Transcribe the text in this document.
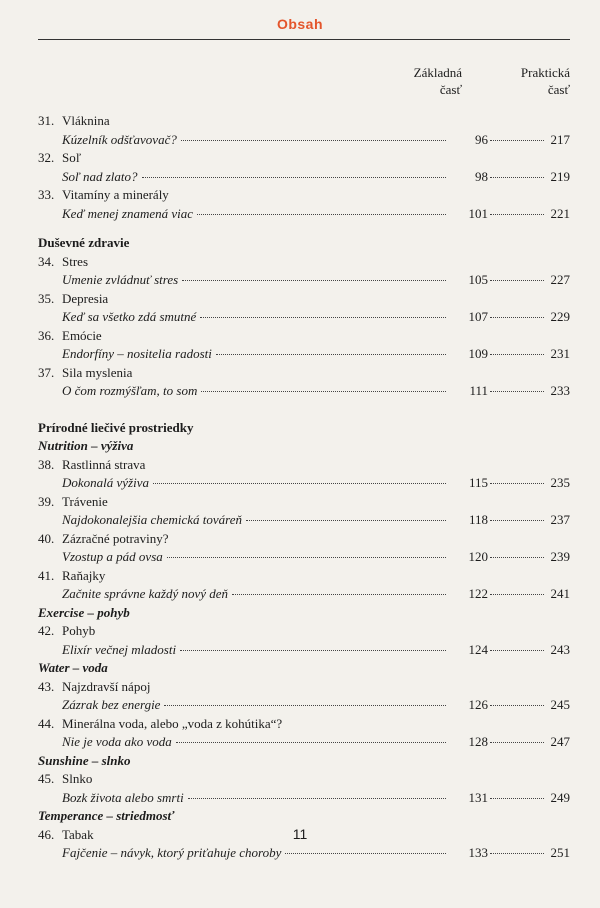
Obsah
Základná časť
Praktická časť
31. Vláknina
Kúzelník odšťavovač?	96	217
32. Soľ
Soľ nad zlato?	98	219
33. Vitamíny a minerály
Keď menej znamená viac	101	221
Duševné zdravie
34. Stres
Umenie zvládnuť stres	105	227
35. Depresia
Keď sa všetko zdá smutné	107	229
36. Emócie
Endorfíny – nositelia radosti	109	231
37. Sila myslenia
O čom rozmýšľam, to som	111	233
Prírodné liečivé prostriedky
Nutrition – výživa
38. Rastlinná strava
Dokonalá výživa	115	235
39. Trávenie
Najdokonalejšia chemická továreň	118	237
40. Zázračné potraviny?
Vzostup a pád ovsa	120	239
41. Raňajky
Začnite správne každý nový deň	122	241
Exercise – pohyb
42. Pohyb
Elixír večnej mladosti	124	243
Water – voda
43. Najzdravší nápoj
Zázrak bez energie	126	245
44. Minerálna voda, alebo „voda z kohútika“?
Nie je voda ako voda	128	247
Sunshine – slnko
45. Slnko
Bozk života alebo smrti	131	249
Temperance – striedmosť
46. Tabak
Fajčenie – návyk, ktorý priťahuje choroby	133	251
11
